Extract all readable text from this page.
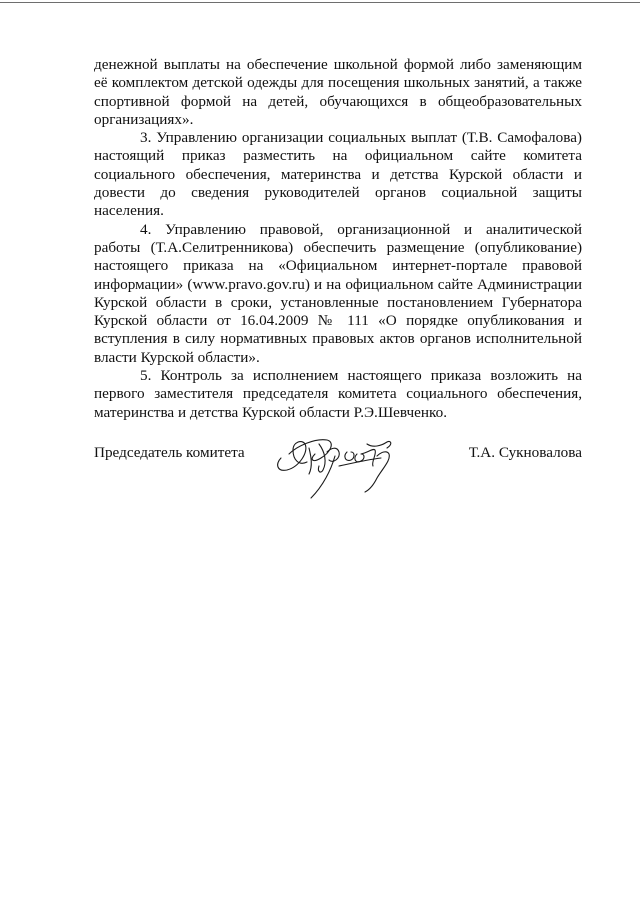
денежной выплаты на обеспечение школьной формой либо заменяющим её комплектом детской одежды для посещения школьных занятий, а также спортивной формой на детей, обучающихся в общеобразовательных организациях».

3. Управлению организации социальных выплат (Т.В. Самофалова) настоящий приказ разместить на официальном сайте комитета социального обеспечения, материнства и детства Курской области и довести до сведения руководителей органов социальной защиты населения.

4. Управлению правовой, организационной и аналитической работы (Т.А.Селитренникова) обеспечить размещение (опубликование) настоящего приказа на «Официальном интернет-портале правовой информации» (www.pravo.gov.ru) и на официальном сайте Администрации Курской области в сроки, установленные постановлением Губернатора Курской области от 16.04.2009 № 111 «О порядке опубликования и вступления в силу нормативных правовых актов органов исполнительной власти Курской области».

5. Контроль за исполнением настоящего приказа возложить на первого заместителя председателя комитета социального обеспечения, материнства и детства Курской области Р.Э.Шевченко.

Председатель комитета	Т.А. Сукновалова
